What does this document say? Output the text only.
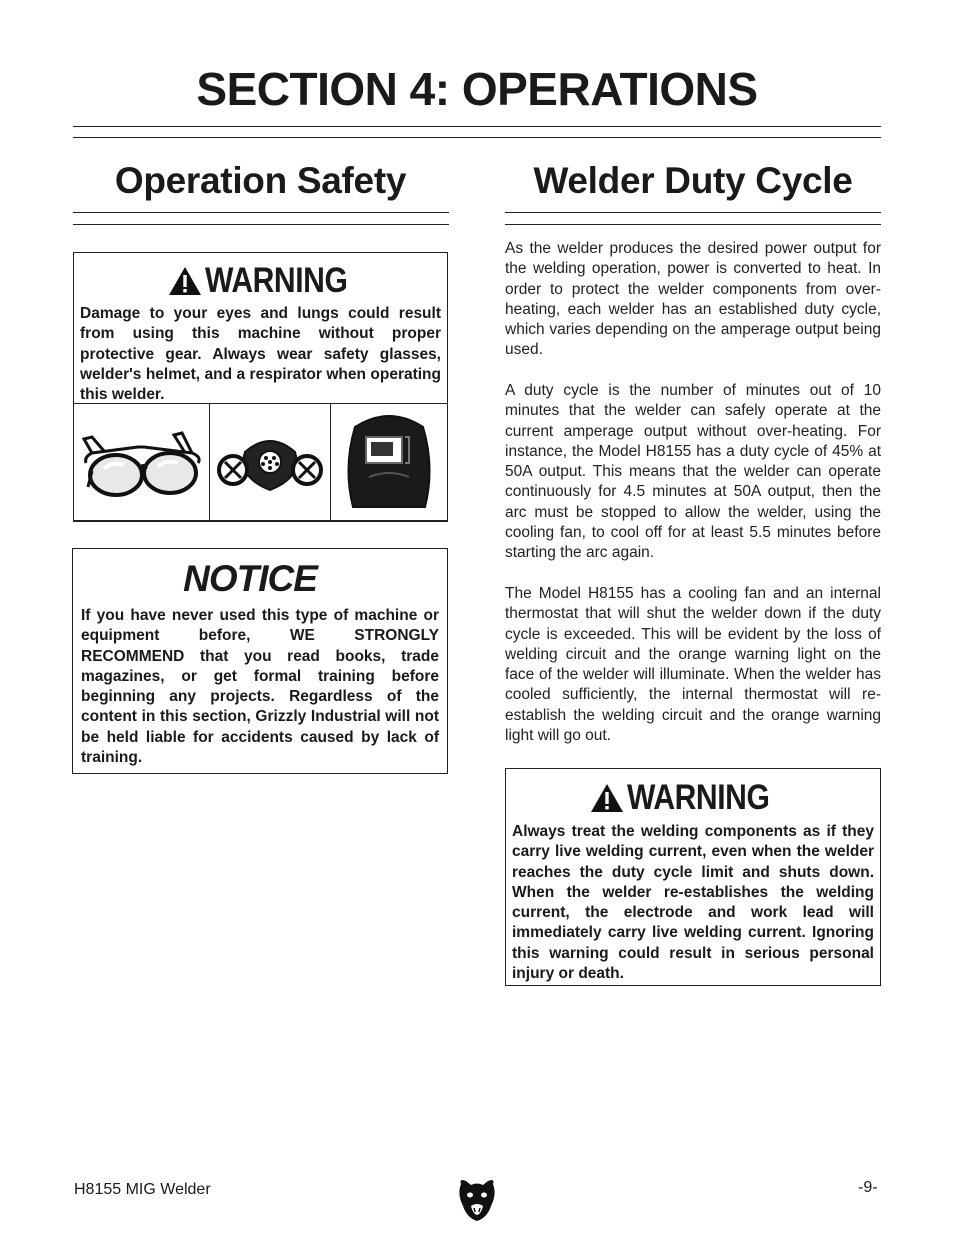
SECTION 4: OPERATIONS
Operation Safety	Welder Duty Cycle
WARNING

Damage to your eyes and lungs could result from using this machine without proper protective gear. Always wear safety glasses, welder's helmet, and a respirator when operating this welder.

NOTICE

If you have never used this type of machine or equipment before, WE STRONGLY RECOMMEND that you read books, trade magazines, or get formal training before beginning any projects. Regardless of the content in this section, Grizzly Industrial will not be held liable for accidents caused by lack of training.

As the welder produces the desired power output for the welding operation, power is converted to heat. In order to protect the welder components from over-heating, each welder has an established duty cycle, which varies depending on the amperage output being used.

A duty cycle is the number of minutes out of 10 minutes that the welder can safely operate at the current amperage output without over-heating. For instance, the Model H8155 has a duty cycle of 45% at 50A output. This means that the welder can operate continuously for 4.5 minutes at 50A output, then the arc must be stopped to allow the welder, using the cooling fan, to cool off for at least 5.5 minutes before starting the arc again.

The Model H8155 has a cooling fan and an internal thermostat that will shut the welder down if the duty cycle is exceeded. This will be evident by the loss of welding circuit and the orange warning light on the face of the welder will illuminate. When the welder has cooled sufficiently, the internal thermostat will re-establish the welding circuit and the orange warning light will go out.

WARNING

Always treat the welding components as if they carry live welding current, even when the welder reaches the duty cycle limit and shuts down. When the welder re-establishes the welding current, the electrode and work lead will immediately carry live welding current. Ignoring this warning could result in serious personal injury or death.

H8155 MIG Welder	-9-
